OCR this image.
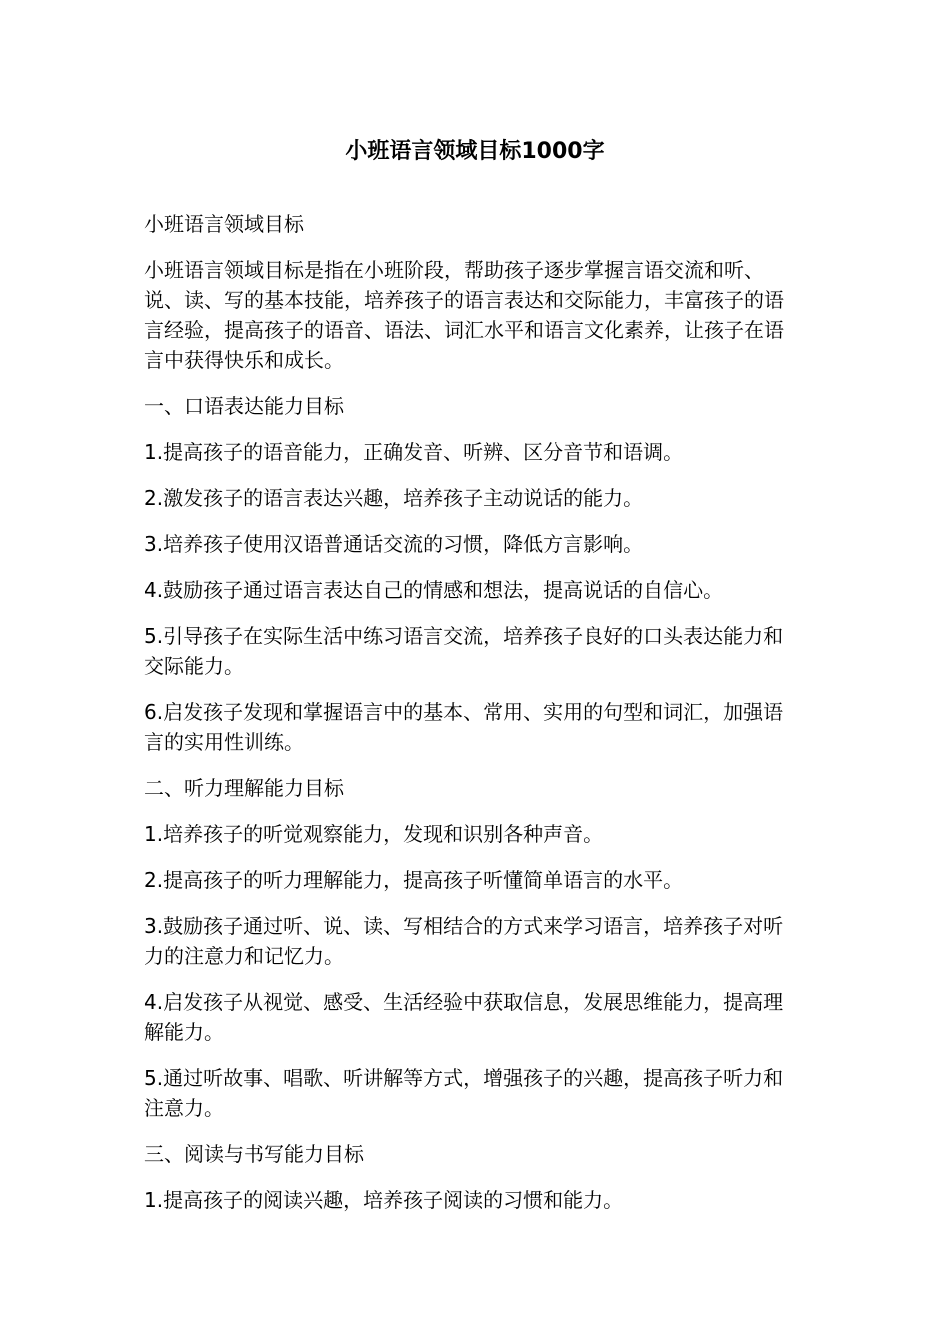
小班语言领域目标1000字

小班语言领域目标

小班语言领域目标是指在小班阶段，帮助孩子逐步掌握言语交流和听、说、读、写的基本技能，培养孩子的语言表达和交际能力，丰富孩子的语言经验，提高孩子的语音、语法、词汇水平和语言文化素养，让孩子在语言中获得快乐和成长。

一、口语表达能力目标

1.提高孩子的语音能力，正确发音、听辨、区分音节和语调。

2.激发孩子的语言表达兴趣，培养孩子主动说话的能力。

3.培养孩子使用汉语普通话交流的习惯，降低方言影响。

4.鼓励孩子通过语言表达自己的情感和想法，提高说话的自信心。

5.引导孩子在实际生活中练习语言交流，培养孩子良好的口头表达能力和交际能力。

6.启发孩子发现和掌握语言中的基本、常用、实用的句型和词汇，加强语言的实用性训练。

二、听力理解能力目标

1.培养孩子的听觉观察能力，发现和识别各种声音。

2.提高孩子的听力理解能力，提高孩子听懂简单语言的水平。

3.鼓励孩子通过听、说、读、写相结合的方式来学习语言，培养孩子对听力的注意力和记忆力。

4.启发孩子从视觉、感受、生活经验中获取信息，发展思维能力，提高理解能力。

5.通过听故事、唱歌、听讲解等方式，增强孩子的兴趣，提高孩子听力和注意力。

三、阅读与书写能力目标

1.提高孩子的阅读兴趣，培养孩子阅读的习惯和能力。
